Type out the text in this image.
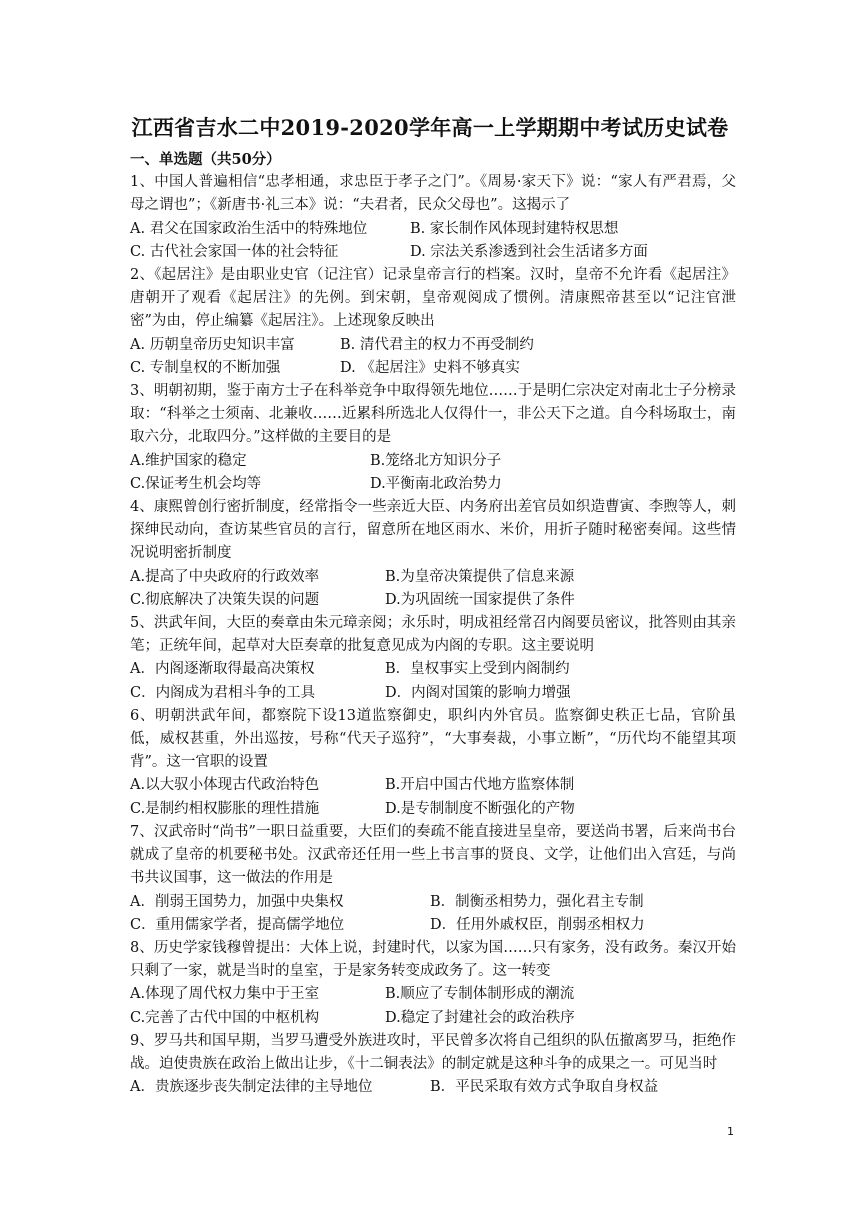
江西省吉水二中2019-2020学年高一上学期期中考试历史试卷

一、单选题（共50分）

1、中国人普遍相信“忠孝相通，求忠臣于孝子之门”。《周易·家天下》说：“家人有严君焉，父母之谓也”；《新唐书·礼三本》说：“夫君者，民众父母也”。这揭示了

A. 君父在国家政治生活中的特殊地位	B. 家长制作风体现封建特权思想
C. 古代社会家国一体的社会特征	D. 宗法关系渗透到社会生活诸多方面

2、《起居注》是由职业史官（记注官）记录皇帝言行的档案。汉时，皇帝不允许看《起居注》唐朝开了观看《起居注》的先例。到宋朝，皇帝观阅成了惯例。清康熙帝甚至以“记注官泄密”为由，停止编纂《起居注》。上述现象反映出

A. 历朝皇帝历史知识丰富	B. 清代君主的权力不再受制约
C. 专制皇权的不断加强	D. 《起居注》史料不够真实

3、明朝初期，鉴于南方士子在科举竞争中取得领先地位……于是明仁宗决定对南北士子分榜录取：“科举之士须南、北兼收……近累科所选北人仅得什一，非公天下之道。自今科场取士，南取六分，北取四分。”这样做的主要目的是

A.维护国家的稳定	B.笼络北方知识分子
C.保证考生机会均等	D.平衡南北政治势力

4、康熙曾创行密折制度，经常指令一些亲近大臣、内务府出差官员如织造曹寅、李煦等人，刺探绅民动向，查访某些官员的言行，留意所在地区雨水、米价，用折子随时秘密奏闻。这些情况说明密折制度

A.提高了中央政府的行政效率	B.为皇帝决策提供了信息来源
C.彻底解决了决策失误的问题	D.为巩固统一国家提供了条件

5、洪武年间，大臣的奏章由朱元璋亲阅；永乐时，明成祖经常召内阁要员密议，批答则由其亲笔；正统年间，起草对大臣奏章的批复意见成为内阁的专职。这主要说明

A．内阁逐渐取得最高决策权	B．皇权事实上受到内阁制约
C．内阁成为君相斗争的工具	D．内阁对国策的影响力增强

6、明朝洪武年间，都察院下设13道监察御史，职纠内外官员。监察御史秩正七品，官阶虽低，威权甚重，外出巡按，号称“代天子巡狩”，“大事奏裁，小事立断”，“历代均不能望其项背”。这一官职的设置

A.以大驭小体现古代政治特色	B.开启中国古代地方监察体制
C.是制约相权膨胀的理性措施	D.是专制制度不断强化的产物

7、汉武帝时“尚书”一职日益重要，大臣们的奏疏不能直接进呈皇帝，要送尚书署，后来尚书台就成了皇帝的机要秘书处。汉武帝还任用一些上书言事的贤良、文学，让他们出入宫廷，与尚书共议国事，这一做法的作用是

A．削弱王国势力，加强中央集权	B．制衡丞相势力，强化君主专制
C．重用儒家学者，提高儒学地位	D．任用外戚权臣，削弱丞相权力

8、历史学家钱穆曾提出：大体上说，封建时代，以家为国……只有家务，没有政务。秦汉开始只剩了一家，就是当时的皇室，于是家务转变成政务了。这一转变

A.体现了周代权力集中于王室	B.顺应了专制体制形成的潮流
C.完善了古代中国的中枢机构	D.稳定了封建社会的政治秩序

9、罗马共和国早期，当罗马遭受外族进攻时，平民曾多次将自己组织的队伍撤离罗马，拒绝作战。迫使贵族在政治上做出让步，《十二铜表法》的制定就是这种斗争的成果之一。可见当时

A．贵族逐步丧失制定法律的主导地位	B．平民采取有效方式争取自身权益
1
